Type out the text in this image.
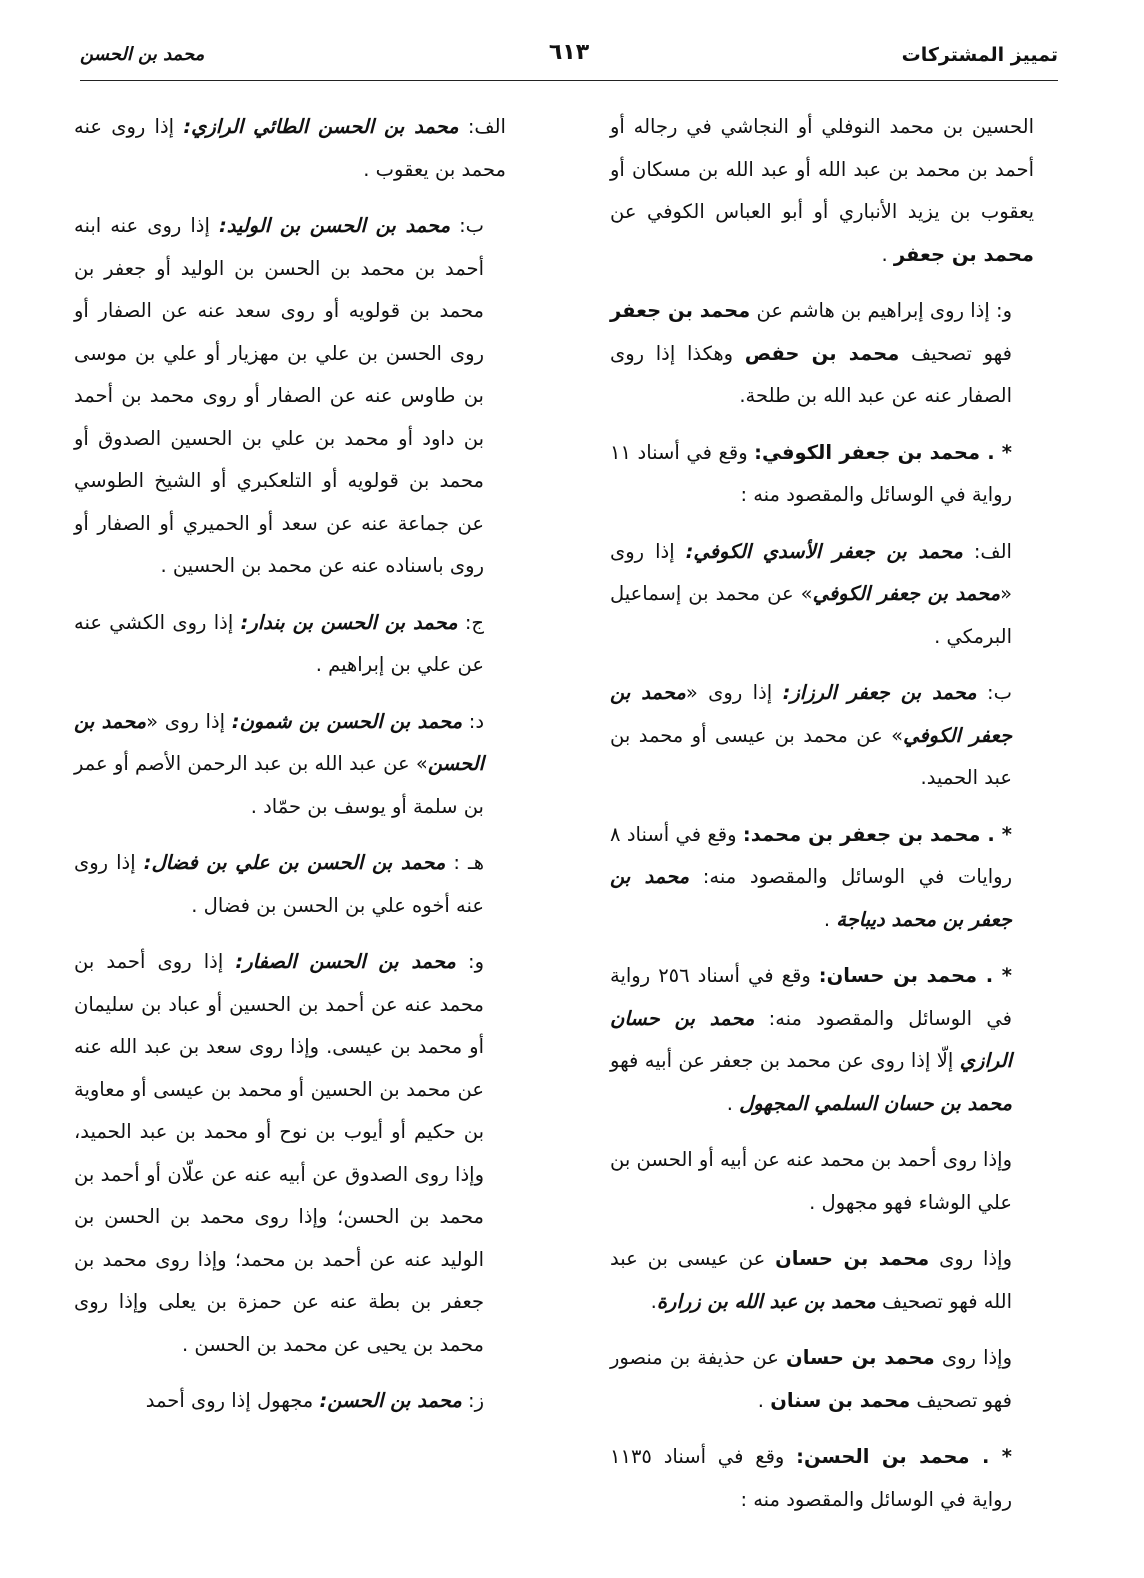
تمييز المشتركات
٦١٣
محمد بن الحسن

الحسين بن محمد النوفلي أو النجاشي في رجاله أو أحمد بن محمد بن عبد الله أو عبد الله بن مسكان أو يعقوب بن يزيد الأنباري أو أبو العباس الكوفي عن محمد بن جعفر .

و: إذا روى إبراهيم بن هاشم عن محمد بن جعفر فهو تصحيف محمد بن حفص وهكذا إذا روى الصفار عنه عن عبد الله بن طلحة.

* . محمد بن جعفر الكوفي: وقع في أسناد ١١ رواية في الوسائل والمقصود منه :

الف: محمد بن جعفر الأسدي الكوفي: إذا روى «محمد بن جعفر الكوفي» عن محمد بن إسماعيل البرمكي .

ب: محمد بن جعفر الرزاز: إذا روى «محمد بن جعفر الكوفي» عن محمد بن عيسى أو محمد بن عبد الحميد.

* . محمد بن جعفر بن محمد: وقع في أسناد ٨ روايات في الوسائل والمقصود منه: محمد بن جعفر بن محمد ديباجة .

* . محمد بن حسان: وقع في أسناد ٢٥٦ رواية في الوسائل والمقصود منه: محمد بن حسان الرازي إلّا إذا روى عن محمد بن جعفر عن أبيه فهو محمد بن حسان السلمي المجهول .

وإذا روى أحمد بن محمد عنه عن أبيه أو الحسن بن علي الوشاء فهو مجهول .

وإذا روى محمد بن حسان عن عيسى بن عبد الله فهو تصحيف محمد بن عبد الله بن زرارة.

وإذا روى محمد بن حسان عن حذيفة بن منصور فهو تصحيف محمد بن سنان .

* . محمد بن الحسن: وقع في أسناد ١١٣٥ رواية في الوسائل والمقصود منه :

الف: محمد بن الحسن الطائي الرازي: إذا روى عنه محمد بن يعقوب .

ب: محمد بن الحسن بن الوليد: إذا روى عنه ابنه أحمد بن محمد بن الحسن بن الوليد أو جعفر بن محمد بن قولويه أو روى سعد عنه عن الصفار أو روى الحسن بن علي بن مهزيار أو علي بن موسى بن طاوس عنه عن الصفار أو روى محمد بن أحمد بن داود أو محمد بن علي بن الحسين الصدوق أو محمد بن قولويه أو التلعكبري أو الشيخ الطوسي عن جماعة عنه عن سعد أو الحميري أو الصفار أو روى باسناده عنه عن محمد بن الحسين .

ج: محمد بن الحسن بن بندار: إذا روى الكشي عنه عن علي بن إبراهيم .

د: محمد بن الحسن بن شمون: إذا روى «محمد بن الحسن» عن عبد الله بن عبد الرحمن الأصم أو عمر بن سلمة أو يوسف بن حمّاد .

هـ : محمد بن الحسن بن علي بن فضال: إذا روى عنه أخوه علي بن الحسن بن فضال .

و: محمد بن الحسن الصفار: إذا روى أحمد بن محمد عنه عن أحمد بن الحسين أو عباد بن سليمان أو محمد بن عيسى. وإذا روى سعد بن عبد الله عنه عن محمد بن الحسين أو محمد بن عيسى أو معاوية بن حكيم أو أيوب بن نوح أو محمد بن عبد الحميد، وإذا روى الصدوق عن أبيه عنه عن علّان أو أحمد بن محمد بن الحسن؛ وإذا روى محمد بن الحسن بن الوليد عنه عن أحمد بن محمد؛ وإذا روى محمد بن جعفر بن بطة عنه عن حمزة بن يعلى وإذا روى محمد بن يحيى عن محمد بن الحسن .

ز: محمد بن الحسن: مجهول إذا روى أحمد
